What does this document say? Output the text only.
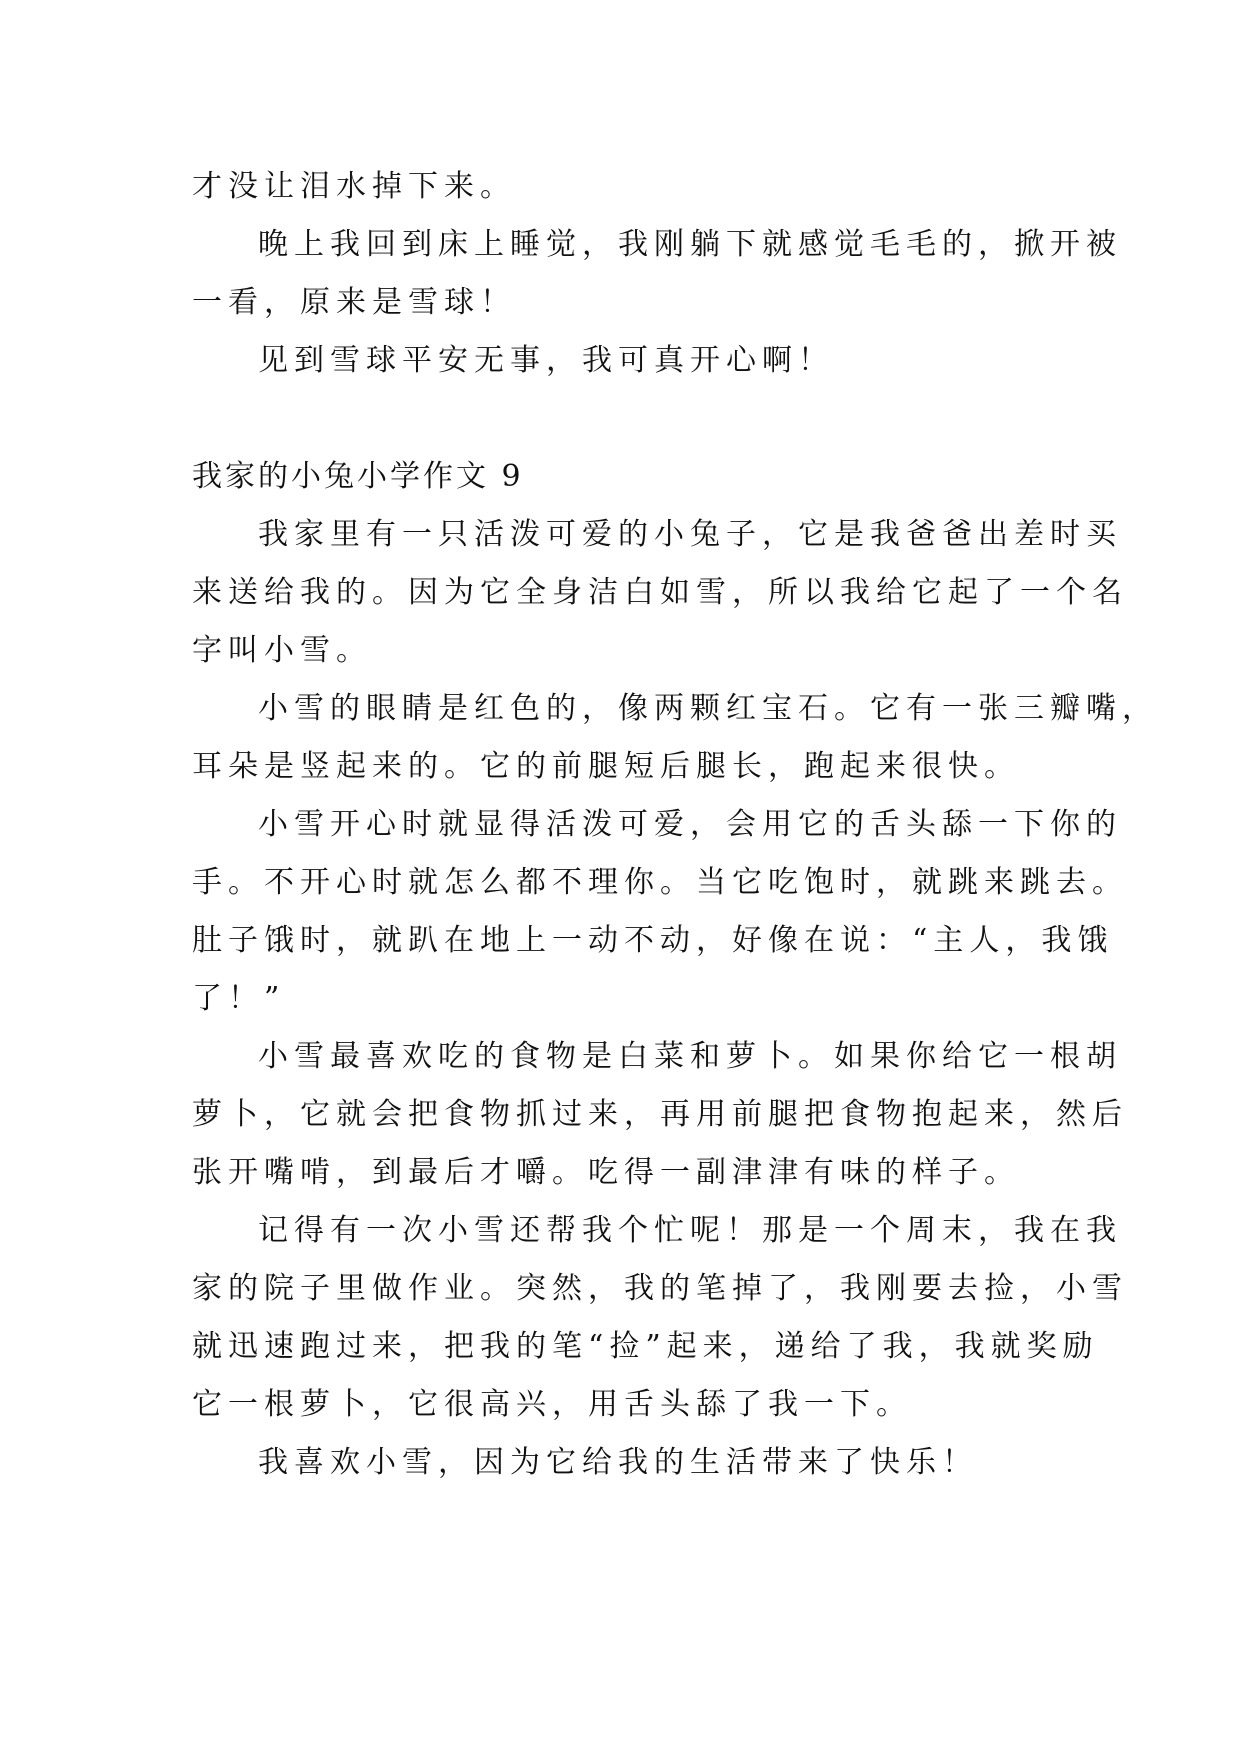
才没让泪水掉下来。
晚上我回到床上睡觉，我刚躺下就感觉毛毛的，掀开被
一看，原来是雪球！
见到雪球平安无事，我可真开心啊！
我家的小兔小学作文 9
我家里有一只活泼可爱的小兔子，它是我爸爸出差时买
来送给我的。因为它全身洁白如雪，所以我给它起了一个名
字叫小雪。
小雪的眼睛是红色的，像两颗红宝石。它有一张三瓣嘴，
耳朵是竖起来的。它的前腿短后腿长，跑起来很快。
小雪开心时就显得活泼可爱，会用它的舌头舔一下你的
手。不开心时就怎么都不理你。当它吃饱时，就跳来跳去。
肚子饿时，就趴在地上一动不动，好像在说：“主人，我饿
了！”
小雪最喜欢吃的食物是白菜和萝卜。如果你给它一根胡
萝卜，它就会把食物抓过来，再用前腿把食物抱起来，然后
张开嘴啃，到最后才嚼。吃得一副津津有味的样子。
记得有一次小雪还帮我个忙呢！那是一个周末，我在我
家的院子里做作业。突然，我的笔掉了，我刚要去捡，小雪
就迅速跑过来，把我的笔“捡”起来，递给了我，我就奖励
它一根萝卜，它很高兴，用舌头舔了我一下。
我喜欢小雪，因为它给我的生活带来了快乐！
